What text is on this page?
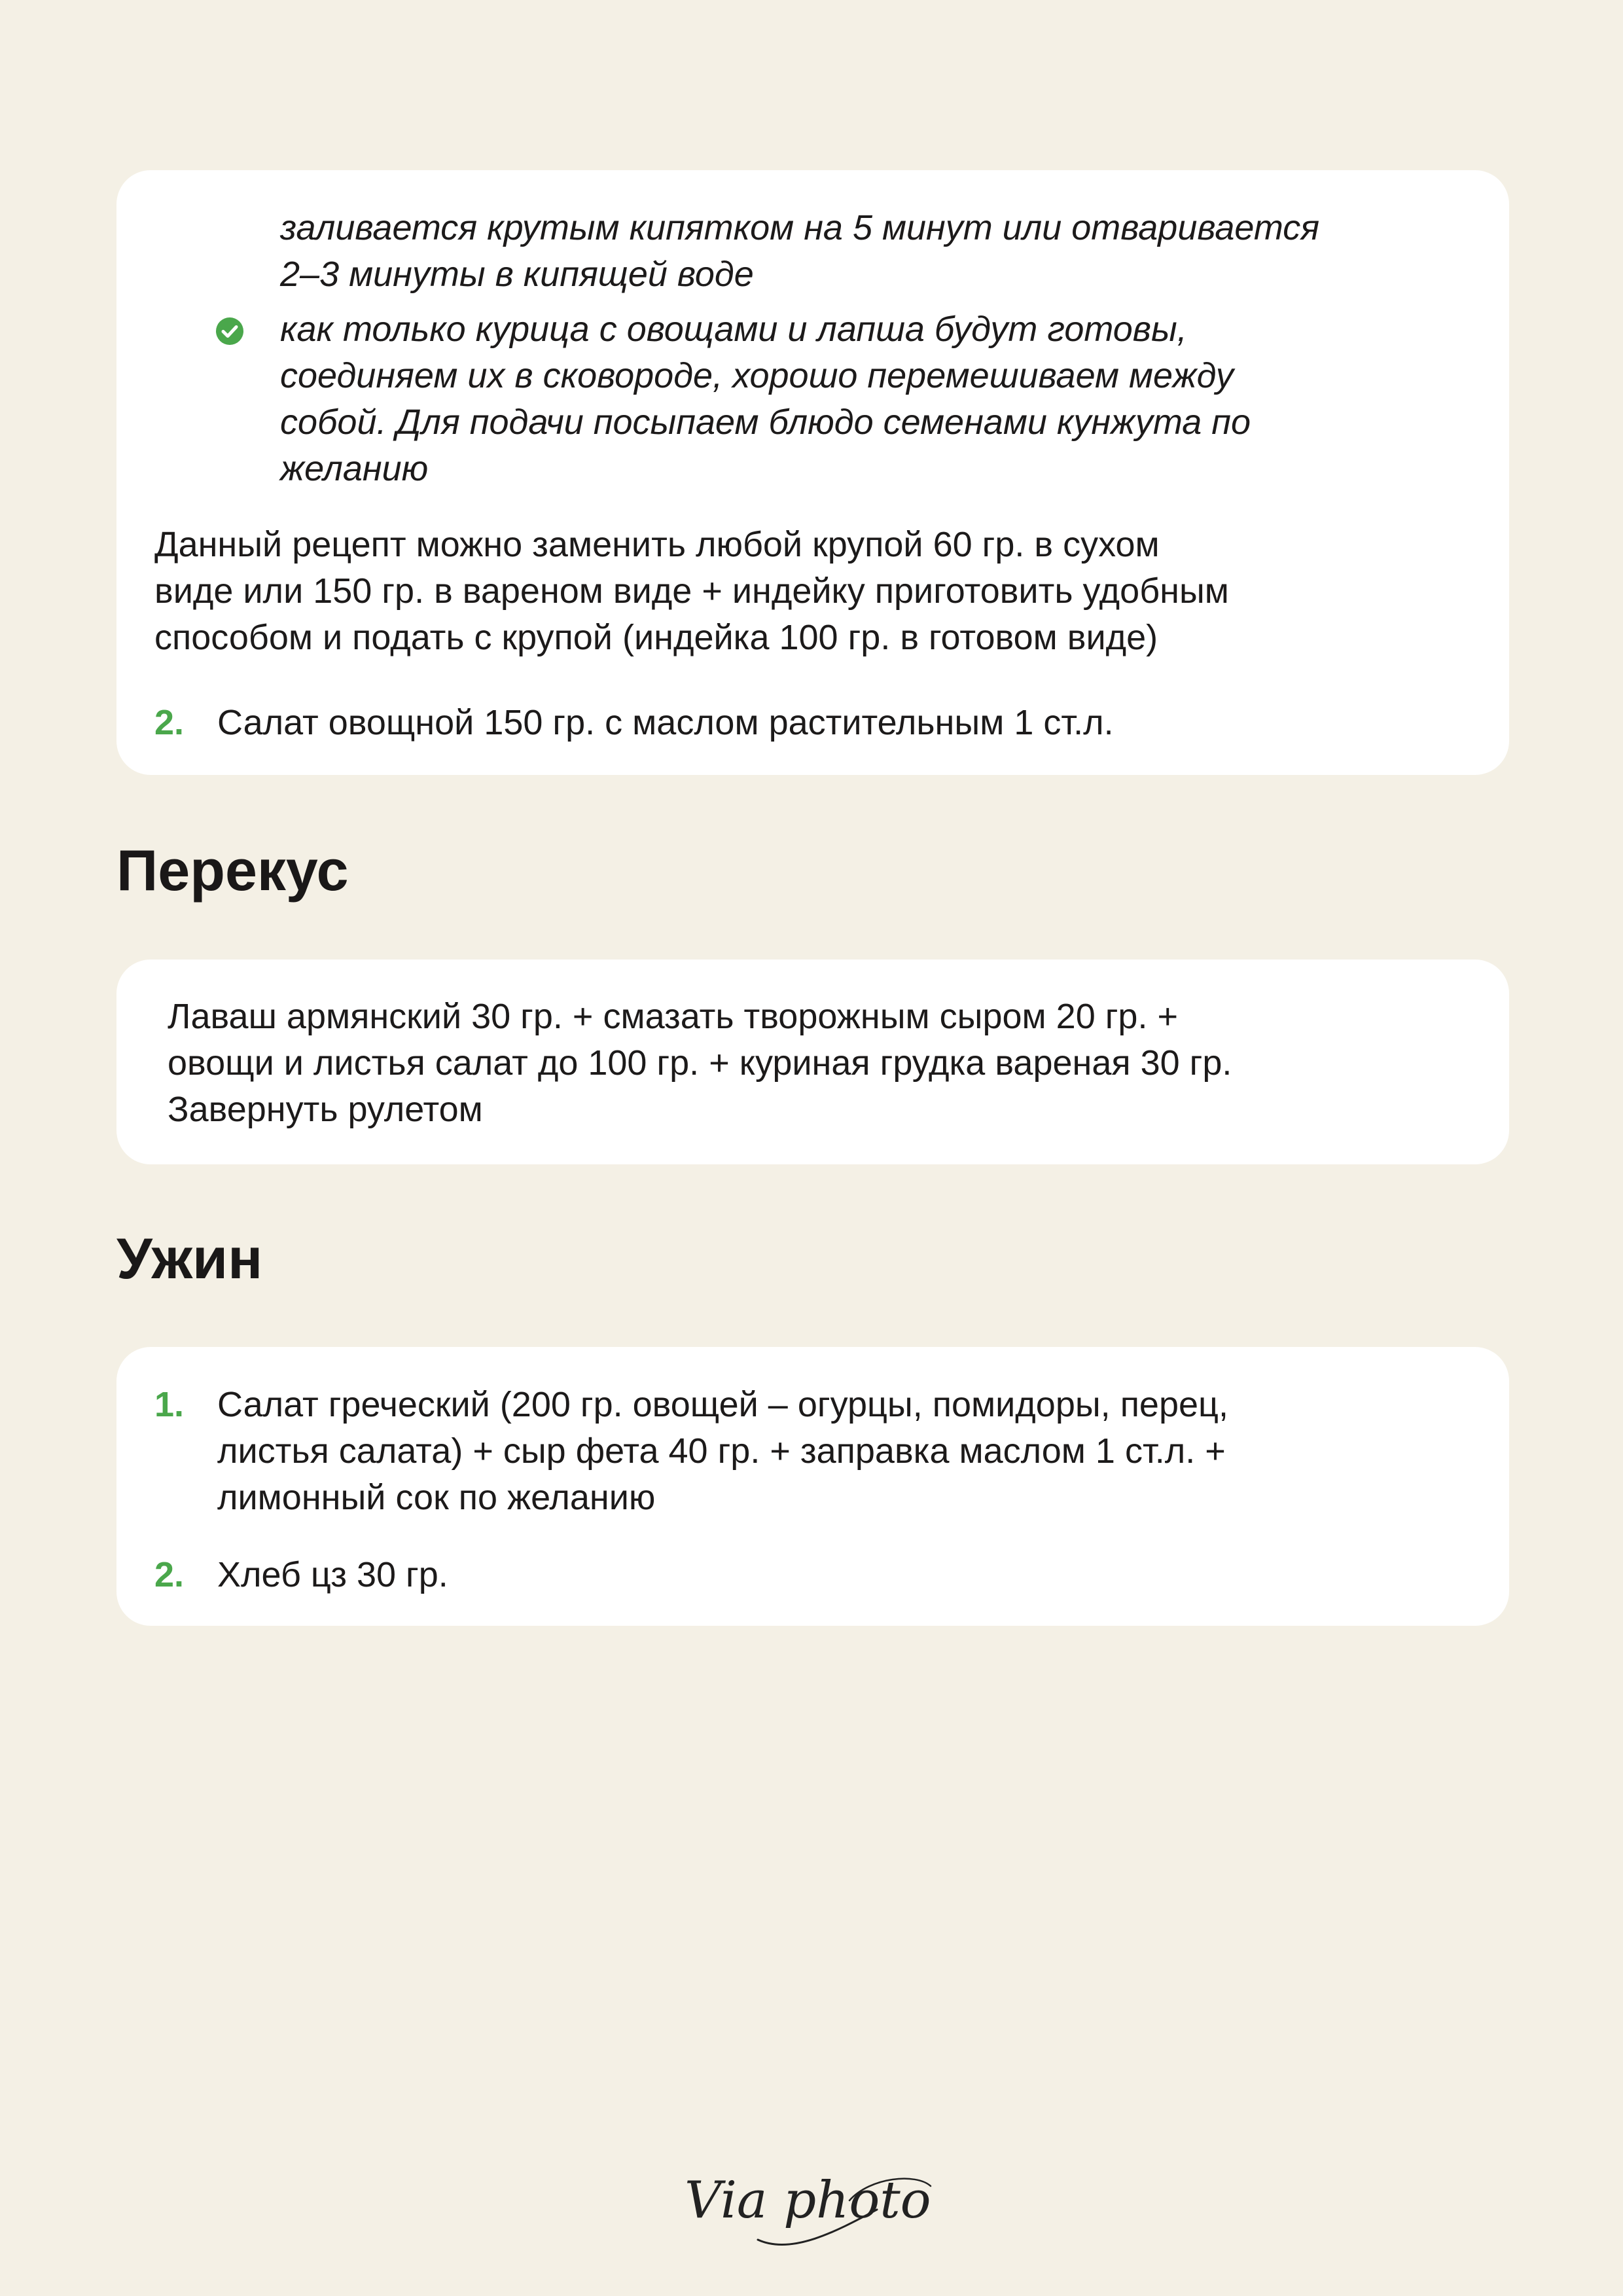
заливается крутым кипятком на 5 минут или отваривается

2–3 минуты в кипящей воде

как только курица с овощами и лапша будут готовы,

соединяем их в сковороде, хорошо перемешиваем между

собой. Для подачи посыпаем блюдо семенами кунжута по

желанию

Данный рецепт можно заменить любой крупой 60 гр. в сухом

виде или 150 гр. в вареном виде + индейку приготовить удобным

способом и подать с крупой (индейка 100 гр. в готовом виде)

2. Салат овощной 150 гр. с маслом растительным 1 ст.л.

Перекус

Лаваш армянский 30 гр. + смазать творожным сыром 20 гр. +

овощи и листья салат до 100 гр. + куриная грудка вареная 30 гр.

Завернуть рулетом

Ужин

1. Салат греческий (200 гр. овощей – огурцы, помидоры, перец,

листья салата) + сыр фета 40 гр. + заправка маслом 1 ст.л. +

лимонный сок по желанию

2. Хлеб цз 30 гр.

Via photo
